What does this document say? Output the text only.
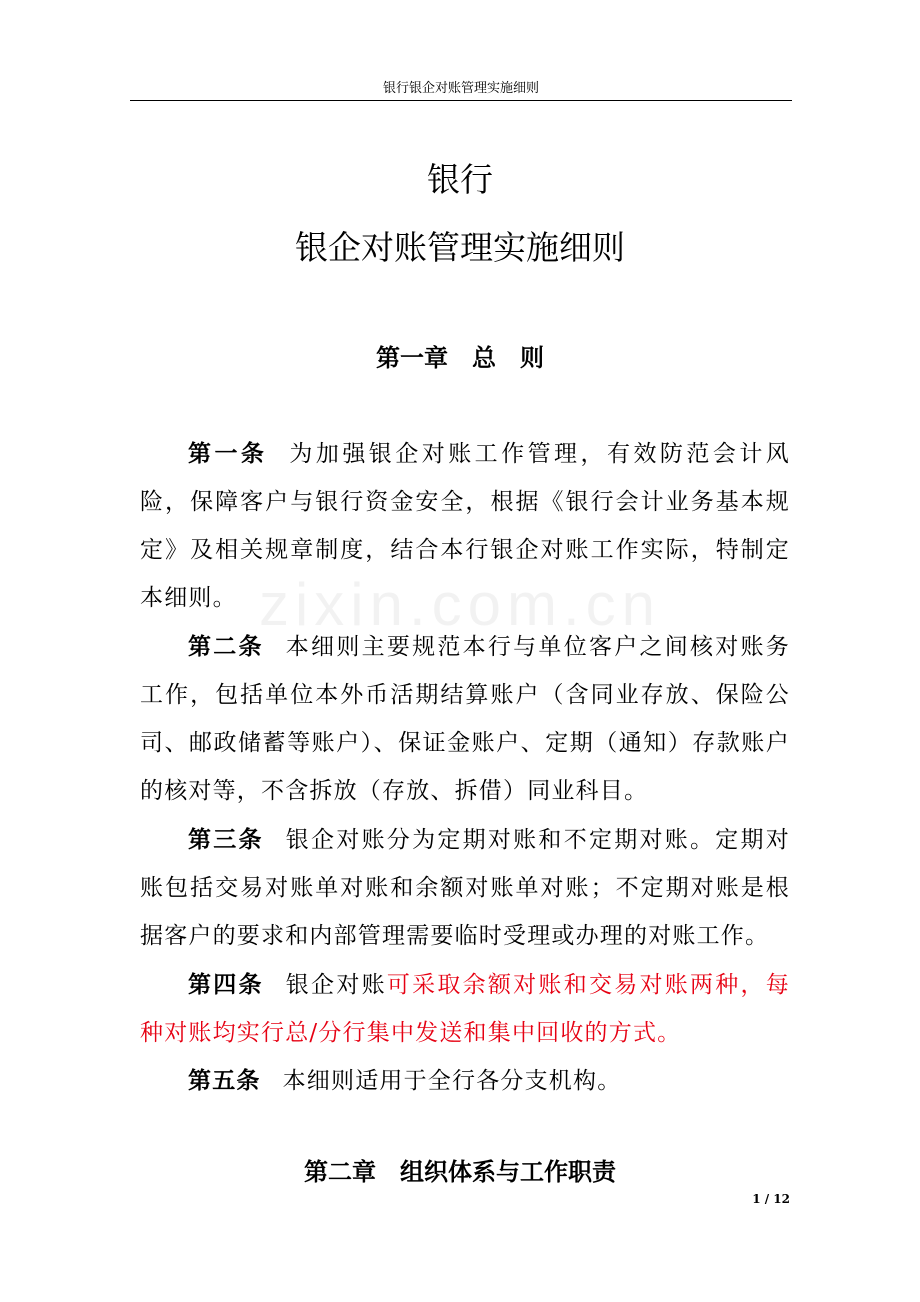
银行银企对账管理实施细则
zixin.com.cn
银行
银企对账管理实施细则
第一章　总　则

第一条 为加强银企对账工作管理，有效防范会计风险，保障客户与银行资金安全，根据《银行会计业务基本规定》及相关规章制度，结合本行银企对账工作实际，特制定本细则。

第二条 本细则主要规范本行与单位客户之间核对账务工作，包括单位本外币活期结算账户（含同业存放、保险公司、邮政储蓄等账户）、保证金账户、定期（通知）存款账户的核对等，不含拆放（存放、拆借）同业科目。

第三条 银企对账分为定期对账和不定期对账。定期对账包括交易对账单对账和余额对账单对账；不定期对账是根据客户的要求和内部管理需要临时受理或办理的对账工作。

第四条 银企对账可采取余额对账和交易对账两种，每种对账均实行总/分行集中发送和集中回收的方式。

第五条 本细则适用于全行各分支机构。

第二章　组织体系与工作职责
1 / 12
